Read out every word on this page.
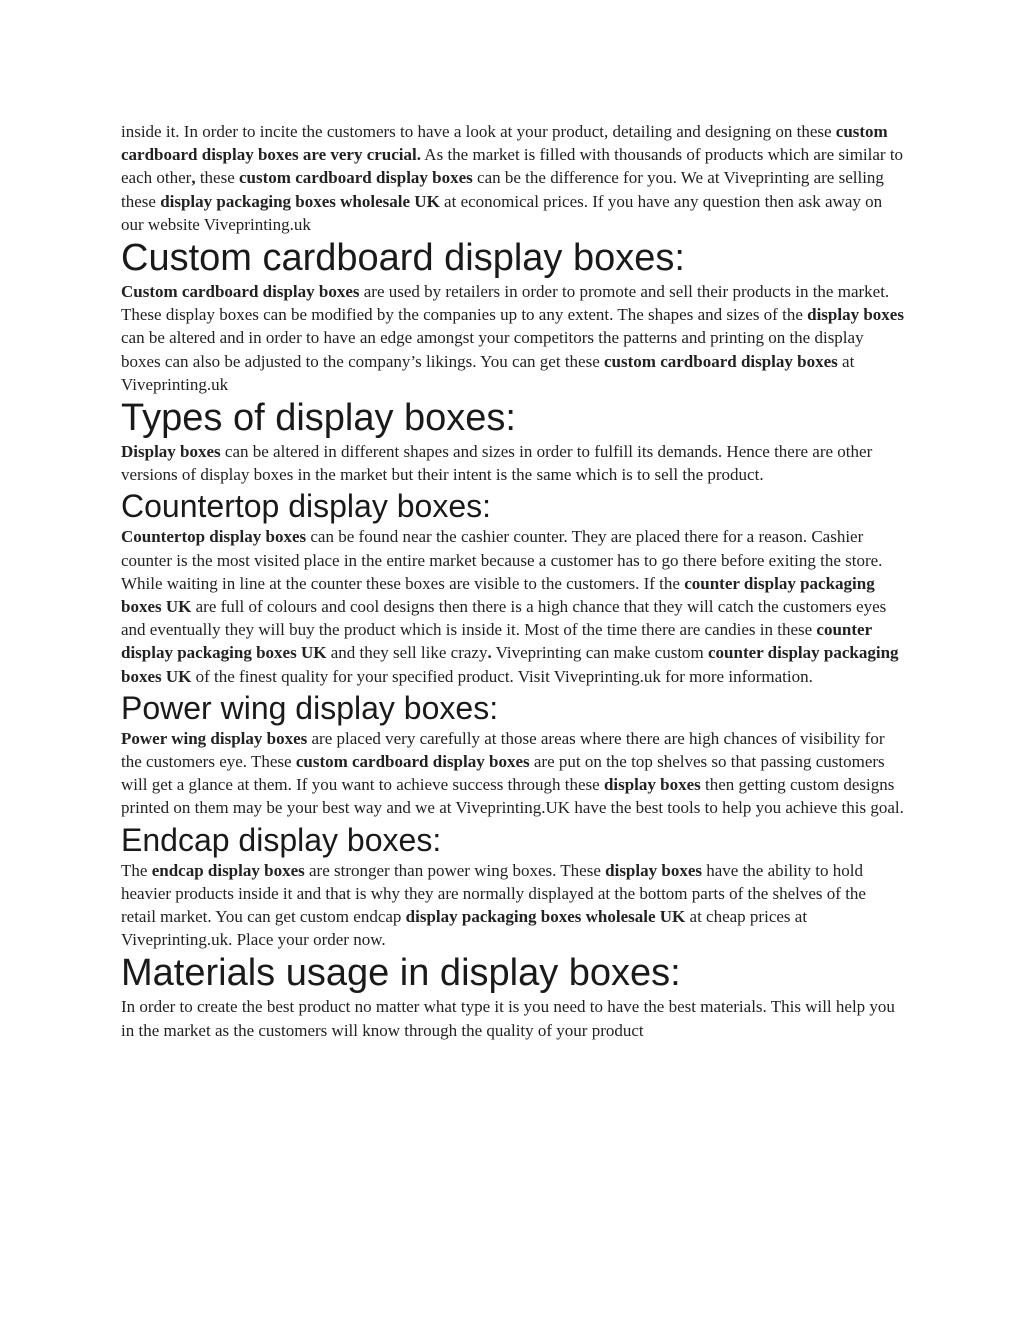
inside it. In order to incite the customers to have a look at your product, detailing and designing on these custom cardboard display boxes are very crucial. As the market is filled with thousands of products which are similar to each other, these custom cardboard display boxes can be the difference for you. We at Viveprinting are selling these display packaging boxes wholesale UK at economical prices. If you have any question then ask away on our website Viveprinting.uk

Custom cardboard display boxes:

Custom cardboard display boxes are used by retailers in order to promote and sell their products in the market. These display boxes can be modified by the companies up to any extent. The shapes and sizes of the display boxes can be altered and in order to have an edge amongst your competitors the patterns and printing on the display boxes can also be adjusted to the company’s likings. You can get these custom cardboard display boxes at Viveprinting.uk

Types of display boxes:

Display boxes can be altered in different shapes and sizes in order to fulfill its demands. Hence there are other versions of display boxes in the market but their intent is the same which is to sell the product.

Countertop display boxes:

Countertop display boxes can be found near the cashier counter. They are placed there for a reason. Cashier counter is the most visited place in the entire market because a customer has to go there before exiting the store. While waiting in line at the counter these boxes are visible to the customers. If the counter display packaging boxes UK are full of colours and cool designs then there is a high chance that they will catch the customers eyes and eventually they will buy the product which is inside it. Most of the time there are candies in these counter display packaging boxes UK and they sell like crazy. Viveprinting can make custom counter display packaging boxes UK of the finest quality for your specified product. Visit Viveprinting.uk for more information.

Power wing display boxes:

Power wing display boxes are placed very carefully at those areas where there are high chances of visibility for the customers eye. These custom cardboard display boxes are put on the top shelves so that passing customers will get a glance at them. If you want to achieve success through these display boxes then getting custom designs printed on them may be your best way and we at Viveprinting.UK have the best tools to help you achieve this goal.

Endcap display boxes:

The endcap display boxes are stronger than power wing boxes. These display boxes have the ability to hold heavier products inside it and that is why they are normally displayed at the bottom parts of the shelves of the retail market. You can get custom endcap display packaging boxes wholesale UK at cheap prices at Viveprinting.uk. Place your order now.

Materials usage in display boxes:

In order to create the best product no matter what type it is you need to have the best materials. This will help you in the market as the customers will know through the quality of your product
